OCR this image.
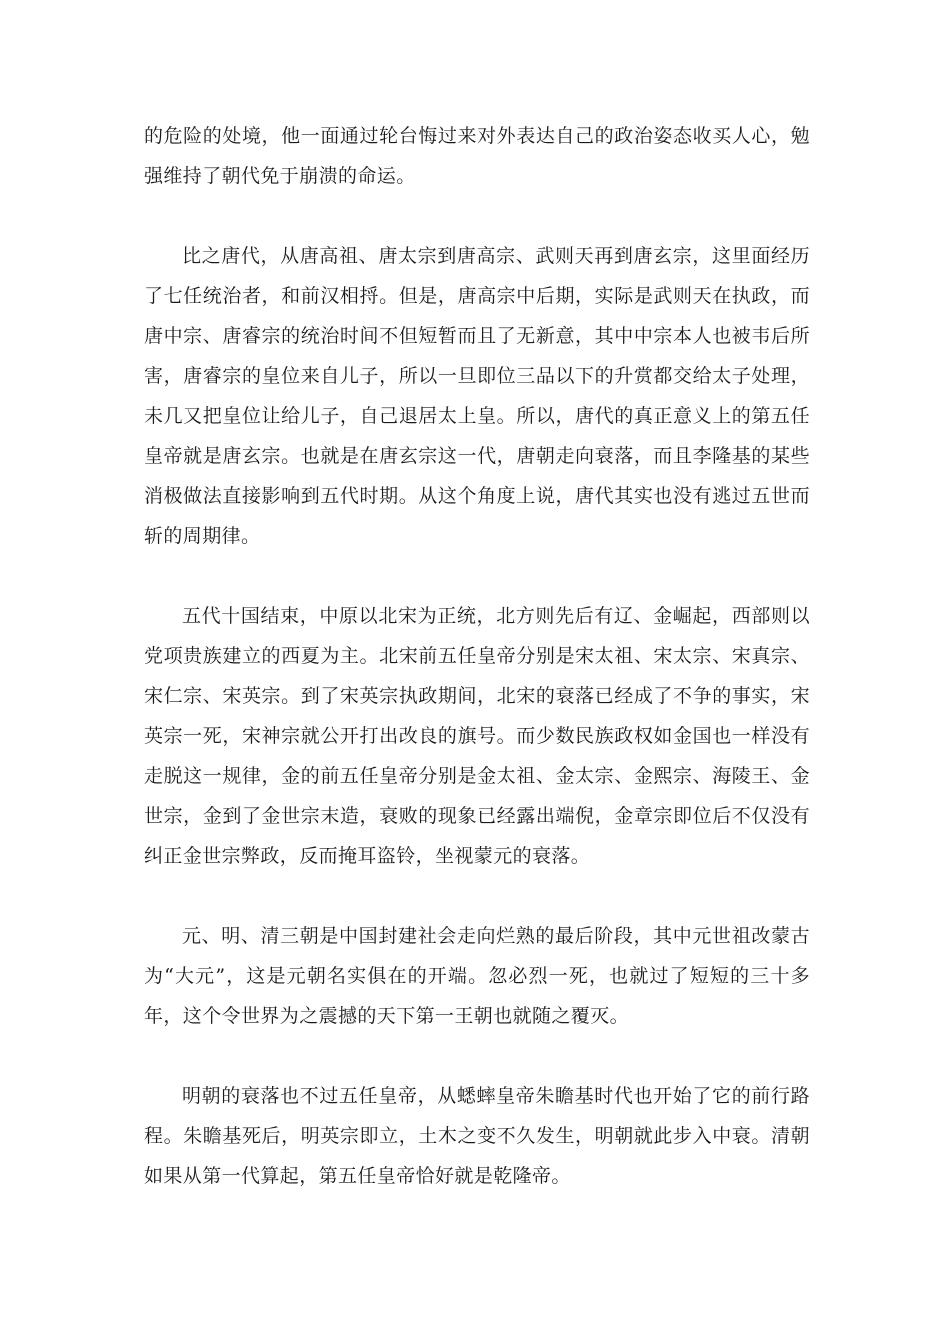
的危险的处境，他一面通过轮台悔过来对外表达自己的政治姿态收买人心，勉强维持了朝代免于崩溃的命运。

比之唐代，从唐高祖、唐太宗到唐高宗、武则天再到唐玄宗，这里面经历了七任统治者，和前汉相捋。但是，唐高宗中后期，实际是武则天在执政，而唐中宗、唐睿宗的统治时间不但短暂而且了无新意，其中中宗本人也被韦后所害，唐睿宗的皇位来自儿子，所以一旦即位三品以下的升赏都交给太子处理，未几又把皇位让给儿子，自己退居太上皇。所以，唐代的真正意义上的第五任皇帝就是唐玄宗。也就是在唐玄宗这一代，唐朝走向衰落，而且李隆基的某些消极做法直接影响到五代时期。从这个角度上说，唐代其实也没有逃过五世而斩的周期律。

五代十国结束，中原以北宋为正统，北方则先后有辽、金崛起，西部则以党项贵族建立的西夏为主。北宋前五任皇帝分别是宋太祖、宋太宗、宋真宗、宋仁宗、宋英宗。到了宋英宗执政期间，北宋的衰落已经成了不争的事实，宋英宗一死，宋神宗就公开打出改良的旗号。而少数民族政权如金国也一样没有走脱这一规律，金的前五任皇帝分别是金太祖、金太宗、金熙宗、海陵王、金世宗，金到了金世宗末造，衰败的现象已经露出端倪，金章宗即位后不仅没有纠正金世宗弊政，反而掩耳盗铃，坐视蒙元的衰落。

元、明、清三朝是中国封建社会走向烂熟的最后阶段，其中元世祖改蒙古为“大元”，这是元朝名实俱在的开端。忽必烈一死，也就过了短短的三十多年，这个令世界为之震撼的天下第一王朝也就随之覆灭。

明朝的衰落也不过五任皇帝，从蟋蟀皇帝朱瞻基时代也开始了它的前行路程。朱瞻基死后，明英宗即立，土木之变不久发生，明朝就此步入中衰。清朝如果从第一代算起，第五任皇帝恰好就是乾隆帝。
